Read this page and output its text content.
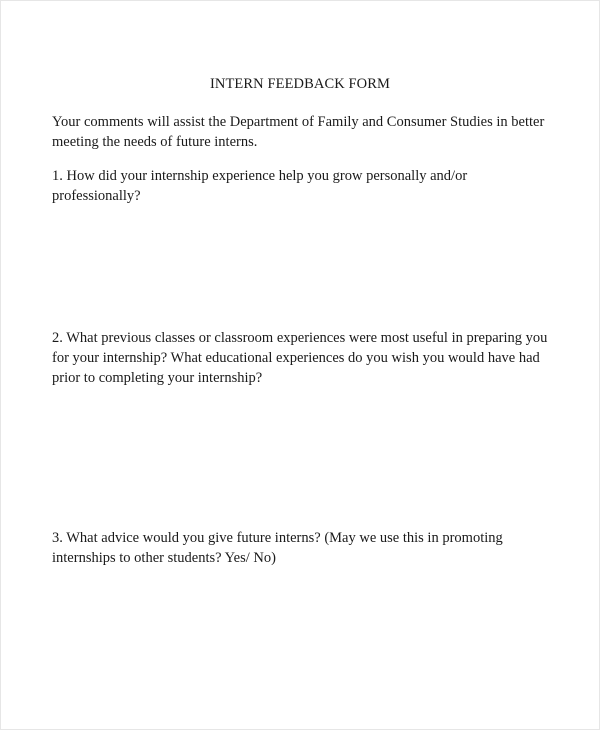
INTERN FEEDBACK FORM

Your comments will assist the Department of Family and Consumer Studies in better
meeting the needs of future interns.

1. How did your internship experience help you grow personally and/or
professionally?

2. What previous classes or classroom experiences were most useful in preparing you
for your internship? What educational experiences do you wish you would have had
prior to completing your internship?

3. What advice would you give future interns? (May we use this in promoting
internships to other students? Yes/ No)
